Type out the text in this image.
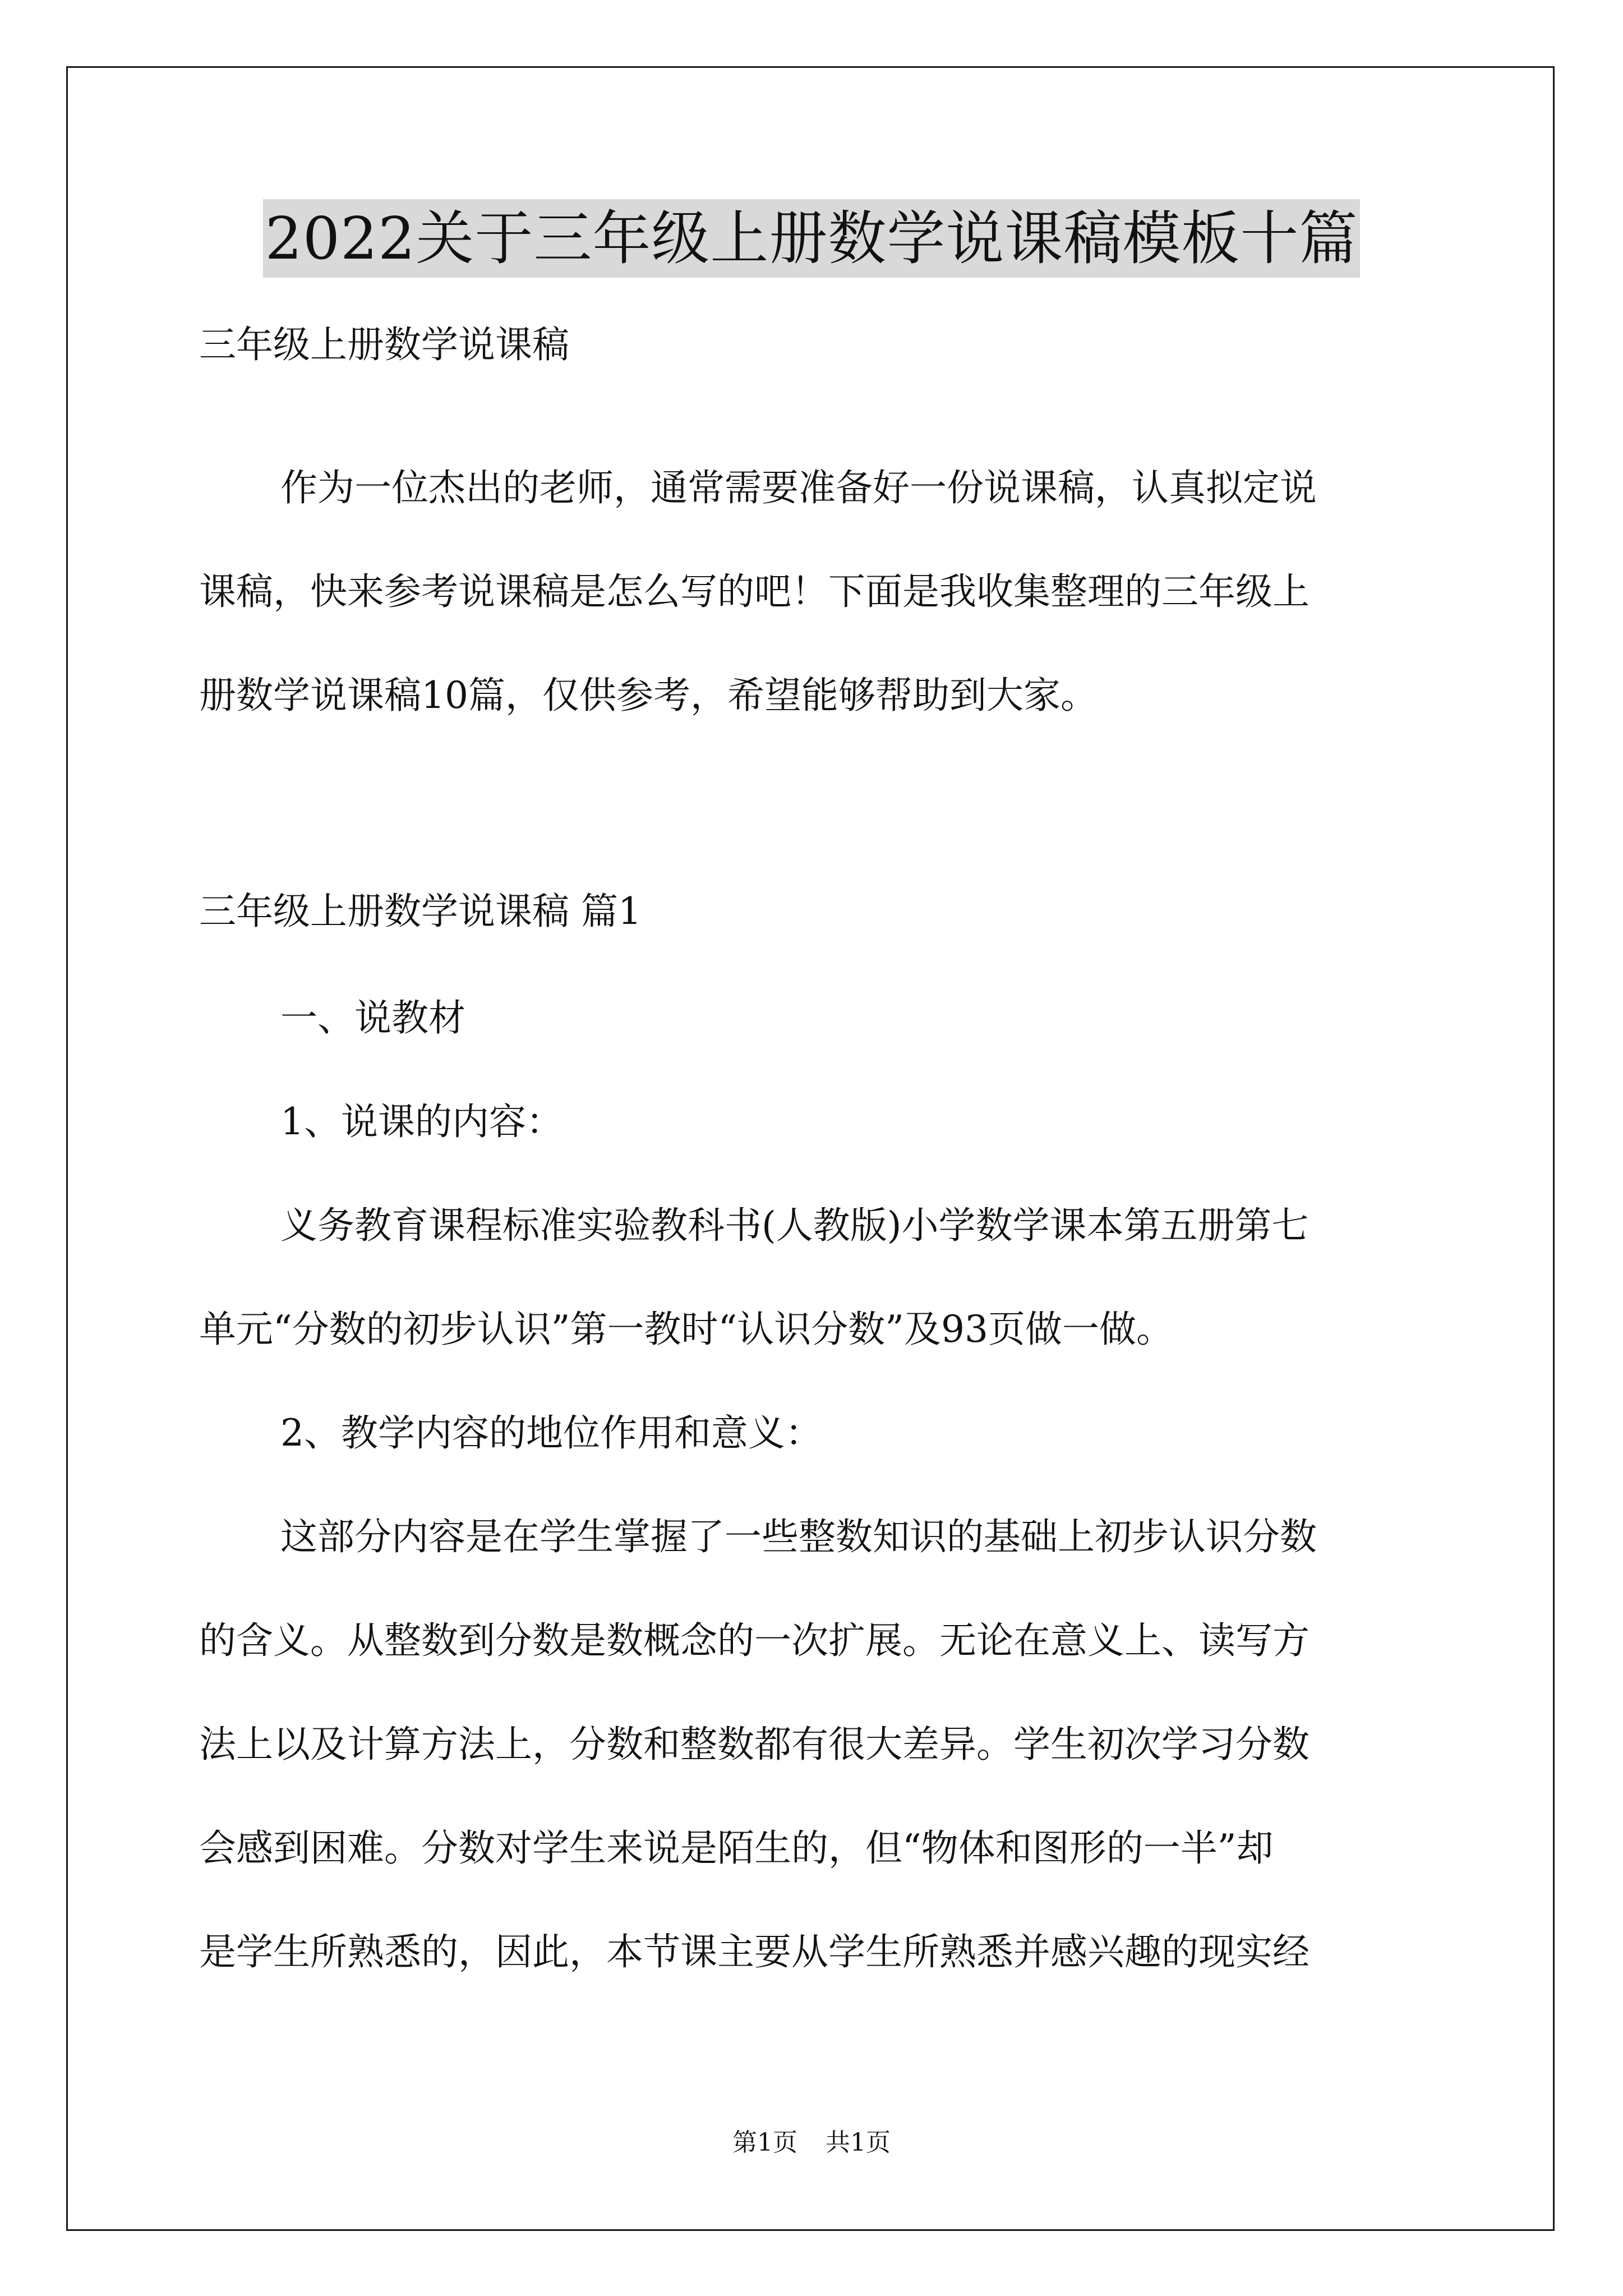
2022关于三年级上册数学说课稿模板十篇
三年级上册数学说课稿
作为一位杰出的老师，通常需要准备好一份说课稿，认真拟定说
课稿，快来参考说课稿是怎么写的吧！下面是我收集整理的三年级上
册数学说课稿10篇，仅供参考，希望能够帮助到大家。
三年级上册数学说课稿 篇1
一、说教材
1、说课的内容：
义务教育课程标准实验教科书(人教版)小学数学课本第五册第七
单元“分数的初步认识”第一教时“认识分数”及93页做一做。
2、教学内容的地位作用和意义：
这部分内容是在学生掌握了一些整数知识的基础上初步认识分数
的含义。从整数到分数是数概念的一次扩展。无论在意义上、读写方
法上以及计算方法上，分数和整数都有很大差异。学生初次学习分数
会感到困难。分数对学生来说是陌生的，但“物体和图形的一半”却
是学生所熟悉的，因此，本节课主要从学生所熟悉并感兴趣的现实经
第1页 共1页
